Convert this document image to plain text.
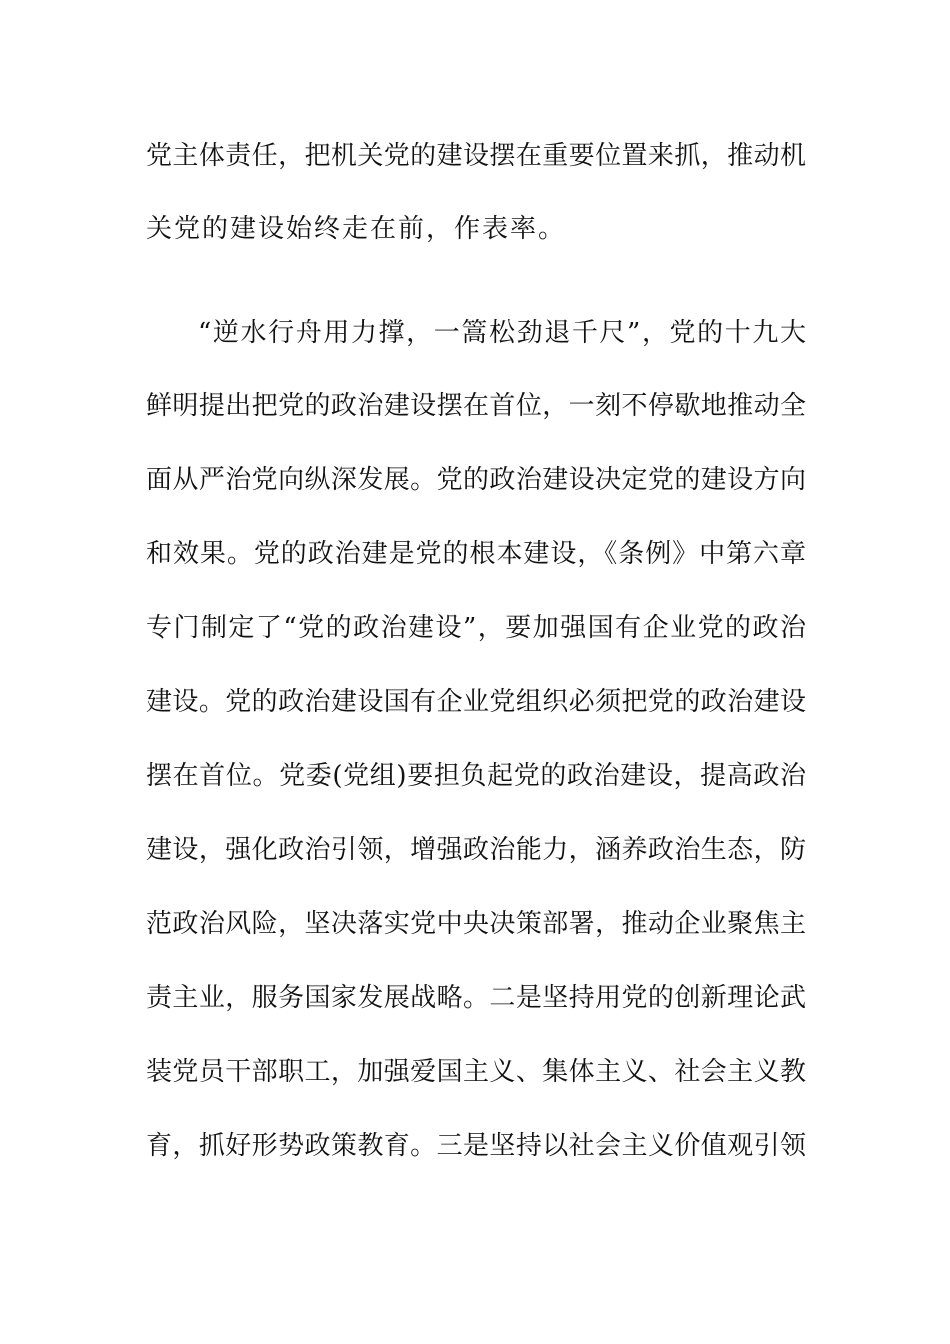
党主体责任，把机关党的建设摆在重要位置来抓，推动机
关党的建设始终走在前，作表率。
“逆水行舟用力撑，一篙松劲退千尺”，党的十九大
鲜明提出把党的政治建设摆在首位，一刻不停歇地推动全
面从严治党向纵深发展。党的政治建设决定党的建设方向
和效果。党的政治建是党的根本建设，《条例》中第六章
专门制定了“党的政治建设”，要加强国有企业党的政治
建设。党的政治建设国有企业党组织必须把党的政治建设
摆在首位。党委(党组)要担负起党的政治建设，提高政治
建设，强化政治引领，增强政治能力，涵养政治生态，防
范政治风险，坚决落实党中央决策部署，推动企业聚焦主
责主业，服务国家发展战略。二是坚持用党的创新理论武
装党员干部职工，加强爱国主义、集体主义、社会主义教
育，抓好形势政策教育。三是坚持以社会主义价值观引领
